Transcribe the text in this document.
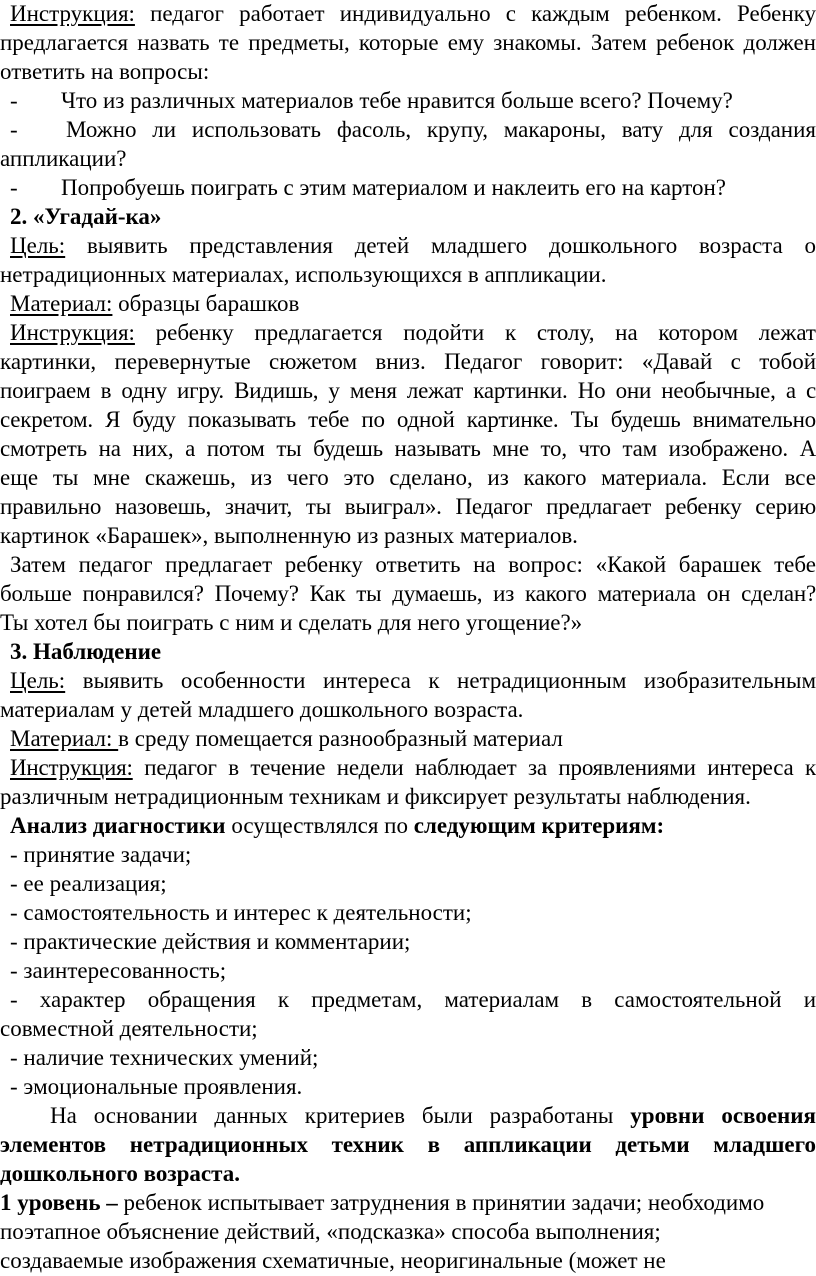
Инструкция: педагог работает индивидуально с каждым ребенком. Ребенку
предлагается назвать те предметы, которые ему знакомы. Затем ребенок должен
ответить на вопросы:
- Что из различных материалов тебе нравится больше всего? Почему?
- Можно ли использовать фасоль, крупу, макароны, вату для создания
аппликации?
- Попробуешь поиграть с этим материалом и наклеить его на картон?
2. «Угадай-ка»
Цель: выявить представления детей младшего дошкольного возраста о
нетрадиционных материалах, использующихся в аппликации.
Материал: образцы барашков
Инструкция: ребенку предлагается подойти к столу, на котором лежат
картинки, перевернутые сюжетом вниз. Педагог говорит: «Давай с тобой
поиграем в одну игру. Видишь, у меня лежат картинки. Но они необычные, а с
секретом. Я буду показывать тебе по одной картинке. Ты будешь внимательно
смотреть на них, а потом ты будешь называть мне то, что там изображено. А
еще ты мне скажешь, из чего это сделано, из какого материала. Если все
правильно назовешь, значит, ты выиграл». Педагог предлагает ребенку серию
картинок «Барашек», выполненную из разных материалов.
Затем педагог предлагает ребенку ответить на вопрос: «Какой барашек тебе
больше понравился? Почему? Как ты думаешь, из какого материала он сделан?
Ты хотел бы поиграть с ним и сделать для него угощение?»
3. Наблюдение
Цель: выявить особенности интереса к нетрадиционным изобразительным
материалам у детей младшего дошкольного возраста.
Материал: в среду помещается разнообразный материал
Инструкция: педагог в течение недели наблюдает за проявлениями интереса к
различным нетрадиционным техникам и фиксирует результаты наблюдения.
Анализ диагностики осуществлялся по следующим критериям:
- принятие задачи;
- ее реализация;
- самостоятельность и интерес к деятельности;
- практические действия и комментарии;
- заинтересованность;
- характер обращения к предметам, материалам в самостоятельной и
совместной деятельности;
- наличие технических умений;
- эмоциональные проявления.
На основании данных критериев были разработаны уровни освоения
элементов нетрадиционных техник в аппликации детьми младшего
дошкольного возраста.
1 уровень – ребенок испытывает затруднения в принятии задачи; необходимо
поэтапное объяснение действий, «подсказка» способа выполнения;
создаваемые изображения схематичные, неоригинальные (может не
